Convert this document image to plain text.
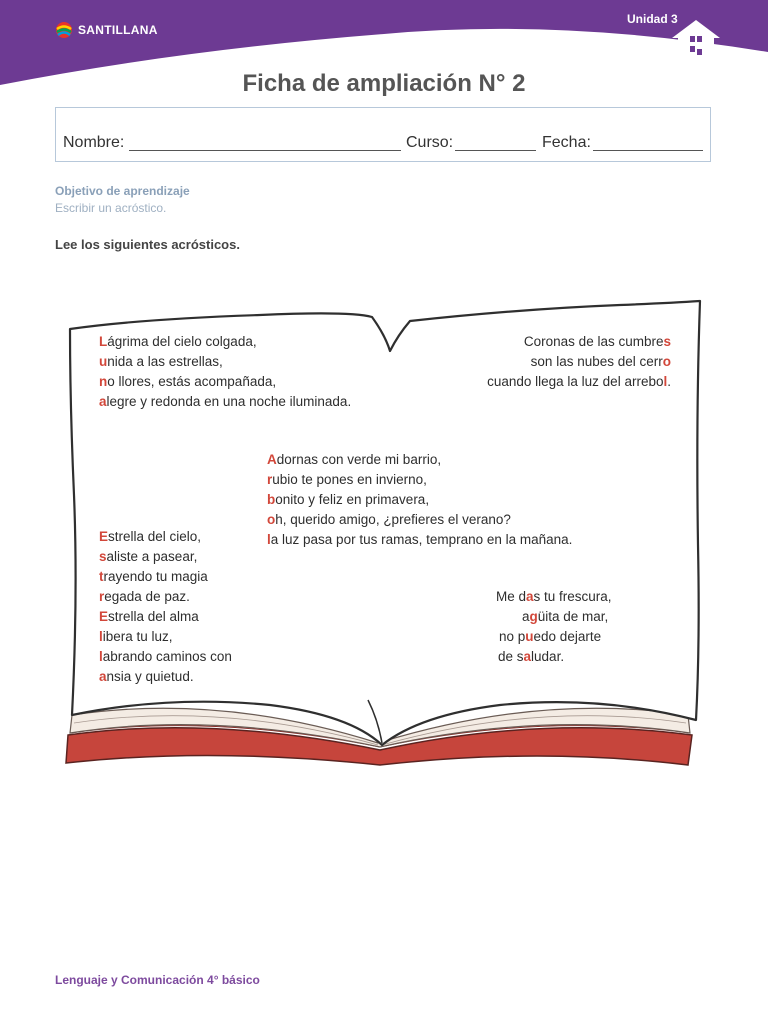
SANTILLANA
Unidad 3
Ficha de ampliación N° 2
Nombre:	Curso:	Fecha:
Objetivo de aprendizaje
Escribir un acróstico.
Lee los siguientes acrósticos.
Lágrima del cielo colgada,
unida a las estrellas,
no llores, estás acompañada,
alegre y redonda en una noche iluminada.
Coronas de las cumbres
son las nubes del cerro
cuando llega la luz del arrebol.
Adornas con verde mi barrio,
rubio te pones en invierno,
bonito y feliz en primavera,
oh, querido amigo, ¿prefieres el verano?
la luz pasa por tus ramas, temprano en la mañana.
Estrella del cielo,
saliste a pasear,
trayendo tu magia
regada de paz.
Estrella del alma
libera tu luz,
labrando caminos con
ansia y quietud.
Me das tu frescura,
agüita de mar,
no puedo dejarte
de saludar.
Lenguaje y Comunicación 4° básico
